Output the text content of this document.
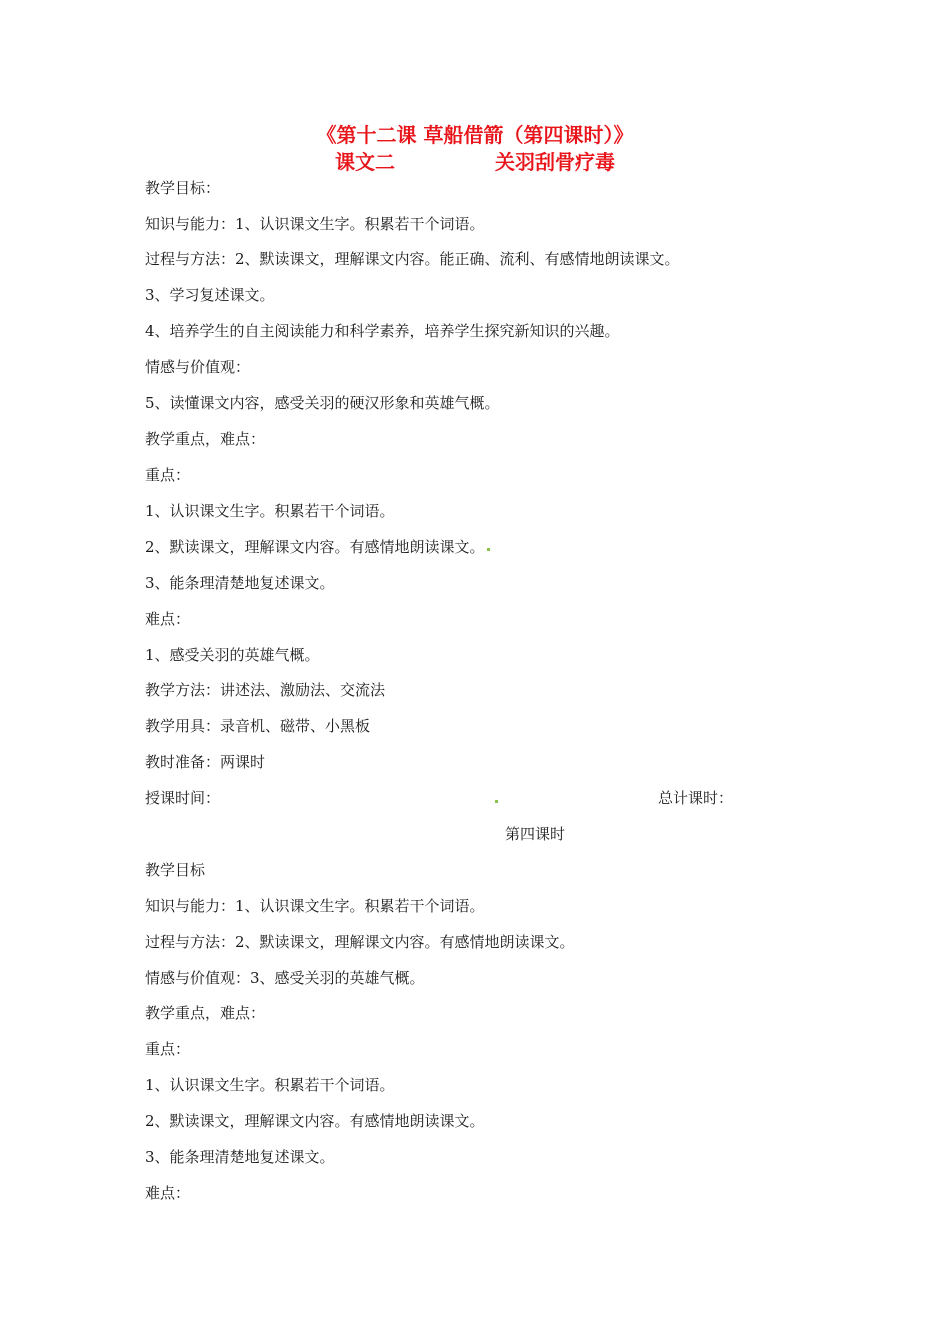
《第十二课 草船借箭（第四课时）》
课文二	关羽刮骨疗毒

教学目标：

知识与能力：1、认识课文生字。积累若干个词语。

过程与方法：2、默读课文，理解课文内容。能正确、流利、有感情地朗读课文。

3、学习复述课文。

4、培养学生的自主阅读能力和科学素养，培养学生探究新知识的兴趣。

情感与价值观：

5、读懂课文内容，感受关羽的硬汉形象和英雄气概。

教学重点，难点：

重点：

1、认识课文生字。积累若干个词语。

2、默读课文，理解课文内容。有感情地朗读课文。

3、能条理清楚地复述课文。

难点：

1、感受关羽的英雄气概。

教学方法：讲述法、激励法、交流法

教学用具：录音机、磁带、小黑板

教时准备：两课时

授课时间：	总计课时：
第四课时

教学目标

知识与能力：1、认识课文生字。积累若干个词语。

过程与方法：2、默读课文，理解课文内容。有感情地朗读课文。

情感与价值观：3、感受关羽的英雄气概。

教学重点，难点：

重点：

1、认识课文生字。积累若干个词语。

2、默读课文，理解课文内容。有感情地朗读课文。

3、能条理清楚地复述课文。

难点：
